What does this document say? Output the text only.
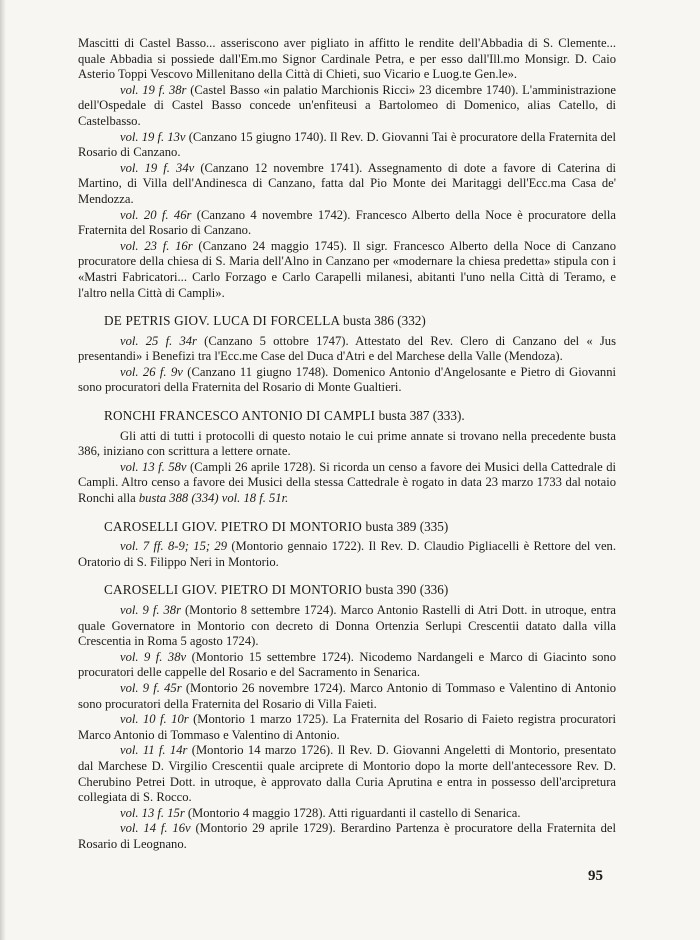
Mascitti di Castel Basso... asseriscono aver pigliato in affitto le rendite dell'Abbadia di S. Clemente... quale Abbadia si possiede dall'Em.mo Signor Cardinale Petra, e per esso dall'Ill.mo Monsigr. D. Caio Asterio Toppi Vescovo Millenitano della Città di Chieti, suo Vicario e Luog.te Gen.le».

vol. 19 f. 38r (Castel Basso «in palatio Marchionis Ricci» 23 dicembre 1740). L'amministrazione dell'Ospedale di Castel Basso concede un'enfiteusi a Bartolomeo di Domenico, alias Catello, di Castelbasso.

vol. 19 f. 13v (Canzano 15 giugno 1740). Il Rev. D. Giovanni Tai è procuratore della Fraternita del Rosario di Canzano.

vol. 19 f. 34v (Canzano 12 novembre 1741). Assegnamento di dote a favore di Caterina di Martino, di Villa dell'Andinesca di Canzano, fatta dal Pio Monte dei Maritaggi dell'Ecc.ma Casa de' Mendozza.

vol. 20 f. 46r (Canzano 4 novembre 1742). Francesco Alberto della Noce è procuratore della Fraternita del Rosario di Canzano.

vol. 23 f. 16r (Canzano 24 maggio 1745). Il sigr. Francesco Alberto della Noce di Canzano procuratore della chiesa di S. Maria dell'Alno in Canzano per «modernare la chiesa predetta» stipula con i «Mastri Fabricatori... Carlo Forzago e Carlo Carapelli milanesi, abitanti l'uno nella Città di Teramo, e l'altro nella Città di Campli».

DE PETRIS GIOV. LUCA DI FORCELLA busta 386 (332)

vol. 25 f. 34r (Canzano 5 ottobre 1747). Attestato del Rev. Clero di Canzano del « Jus presentandi» i Benefizi tra l'Ecc.me Case del Duca d'Atri e del Marchese della Valle (Mendoza).

vol. 26 f. 9v (Canzano 11 giugno 1748). Domenico Antonio d'Angelosante e Pietro di Giovanni sono procuratori della Fraternita del Rosario di Monte Gualtieri.

RONCHI FRANCESCO ANTONIO DI CAMPLI busta 387 (333).

Gli atti di tutti i protocolli di questo notaio le cui prime annate si trovano nella precedente busta 386, iniziano con scrittura a lettere ornate.

vol. 13 f. 58v (Campli 26 aprile 1728). Si ricorda un censo a favore dei Musici della Cattedrale di Campli. Altro censo a favore dei Musici della stessa Cattedrale è rogato in data 23 marzo 1733 dal notaio Ronchi alla busta 388 (334) vol. 18 f. 51r.

CAROSELLI GIOV. PIETRO DI MONTORIO busta 389 (335)

vol. 7 ff. 8-9; 15; 29 (Montorio gennaio 1722). Il Rev. D. Claudio Pigliacelli è Rettore del ven. Oratorio di S. Filippo Neri in Montorio.

CAROSELLI GIOV. PIETRO DI MONTORIO busta 390 (336)

vol. 9 f. 38r (Montorio 8 settembre 1724). Marco Antonio Rastelli di Atri Dott. in utroque, entra quale Governatore in Montorio con decreto di Donna Ortenzia Serlupi Crescentii datato dalla villa Crescentia in Roma 5 agosto 1724).

vol. 9 f. 38v (Montorio 15 settembre 1724). Nicodemo Nardangeli e Marco di Giacinto sono procuratori delle cappelle del Rosario e del Sacramento in Senarica.

vol. 9 f. 45r (Montorio 26 novembre 1724). Marco Antonio di Tommaso e Valentino di Antonio sono procuratori della Fraternita del Rosario di Villa Faieti.

vol. 10 f. 10r (Montorio 1 marzo 1725). La Fraternita del Rosario di Faieto registra procuratori Marco Antonio di Tommaso e Valentino di Antonio.

vol. 11 f. 14r (Montorio 14 marzo 1726). Il Rev. D. Giovanni Angeletti di Montorio, presentato dal Marchese D. Virgilio Crescentii quale arciprete di Montorio dopo la morte dell'antecessore Rev. D. Cherubino Petrei Dott. in utroque, è approvato dalla Curia Aprutina e entra in possesso dell'arcipretura collegiata di S. Rocco.

vol. 13 f. 15r (Montorio 4 maggio 1728). Atti riguardanti il castello di Senarica.

vol. 14 f. 16v (Montorio 29 aprile 1729). Berardino Partenza è procuratore della Fraternita del Rosario di Leognano.

95
